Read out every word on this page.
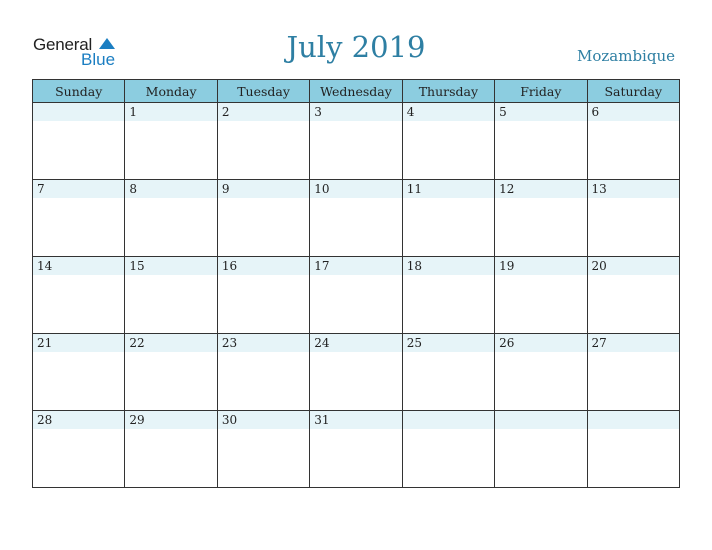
General
Blue	July 2019	Mozambique
Sunday	Monday	Tuesday	Wednesday	Thursday	Friday	Saturday

	1	2	3	4	5	6

7	8	9	10	11	12	13

14	15	16	17	18	19	20

21	22	23	24	25	26	27

28	29	30	31			
